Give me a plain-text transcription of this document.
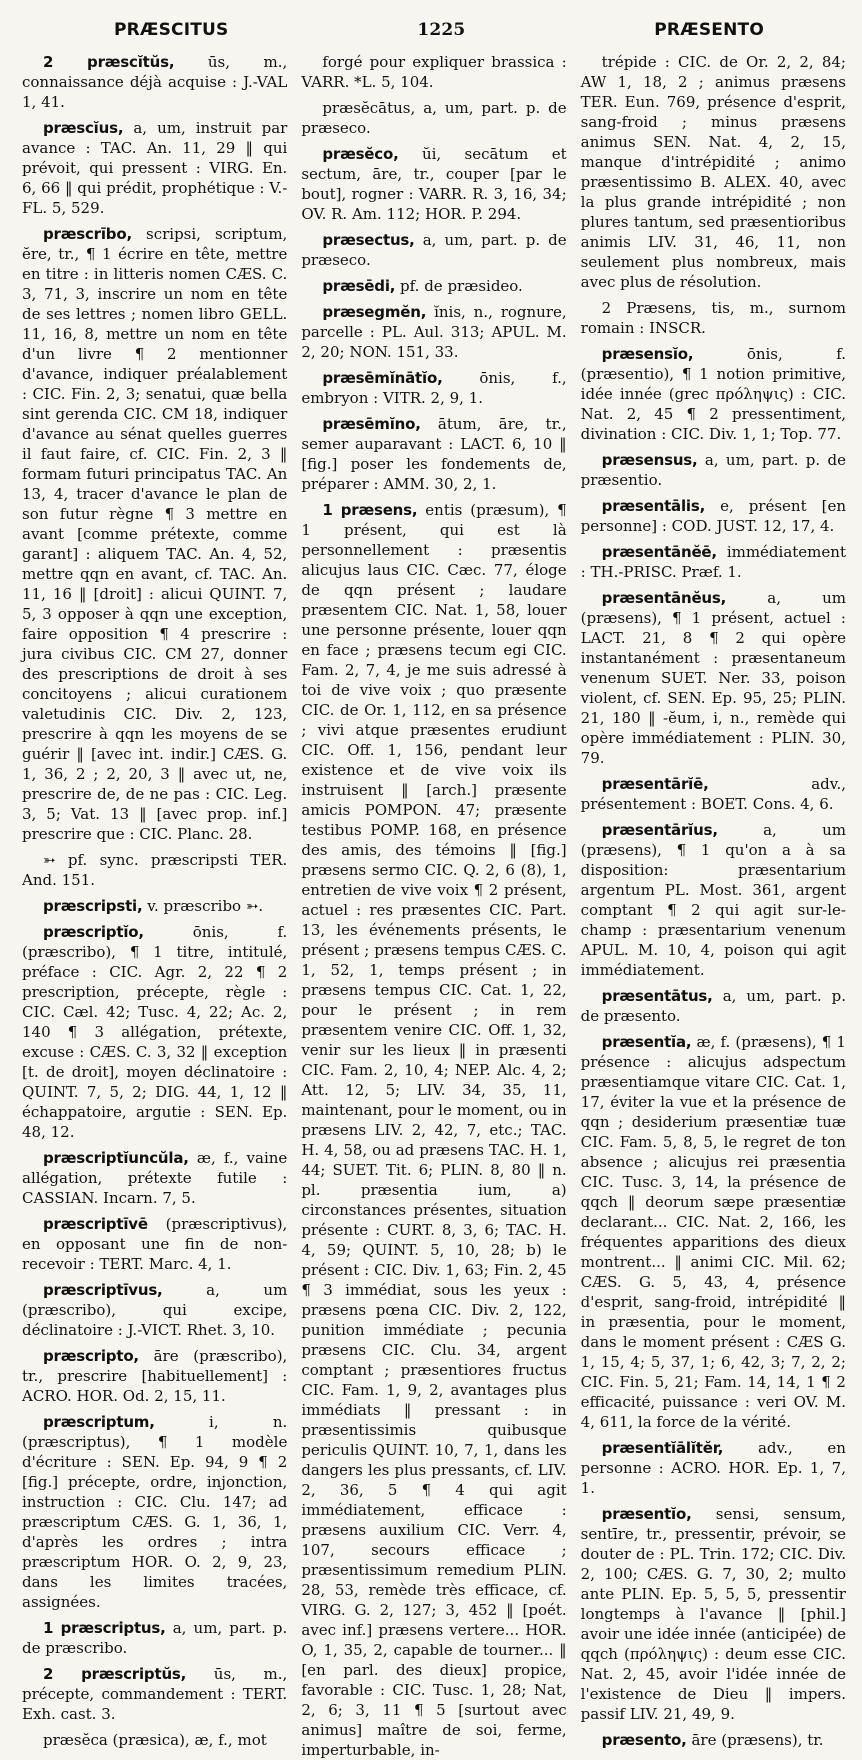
PRÆSCITUS	1225	PRÆSENTO

2 præscĭtŭs, ūs, m., connaissance déjà acquise : J.-VAL 1, 41.

præscĭus, a, um, instruit par avance : TAC. An. 11, 29 ‖ qui prévoit, qui pressent : VIRG. En. 6, 66 ‖ qui prédit, prophétique : V.-FL. 5, 529.

præscrībo, scripsi, scriptum, ĕre, tr., ¶ 1 écrire en tête, mettre en titre : in litteris nomen CÆS. C. 3, 71, 3, inscrire un nom en tête de ses lettres ; nomen libro GELL. 11, 16, 8, mettre un nom en tête d'un livre ¶ 2 mentionner d'avance, indiquer préalablement : CIC. Fin. 2, 3; senatui, quæ bella sint gerenda CIC. CM 18, indiquer d'avance au sénat quelles guerres il faut faire, cf. CIC. Fin. 2, 3 ‖ formam futuri principatus TAC. An 13, 4, tracer d'avance le plan de son futur règne ¶ 3 mettre en avant [comme prétexte, comme garant] : aliquem TAC. An. 4, 52, mettre qqn en avant, cf. TAC. An. 11, 16 ‖ [droit] : alicui QUINT. 7, 5, 3 opposer à qqn une exception, faire opposition ¶ 4 prescrire : jura civibus CIC. CM 27, donner des prescriptions de droit à ses concitoyens ; alicui curationem valetudinis CIC. Div. 2, 123, prescrire à qqn les moyens de se guérir ‖ [avec int. indir.] CÆS. G. 1, 36, 2 ; 2, 20, 3 ‖ avec ut, ne, prescrire de, de ne pas : CIC. Leg. 3, 5; Vat. 13 ‖ [avec prop. inf.] prescrire que : CIC. Planc. 28.

➳ pf. sync. præscripsti TER. And. 151.

præscripsti, v. præscribo ➳.

præscriptĭo,	ōnis, f. (præscribo), ¶ 1 titre, intitulé, préface : CIC. Agr. 2, 22 ¶ 2 prescription, précepte, règle : CIC. Cæl. 42; Tusc. 4, 22; Ac. 2, 140 ¶ 3 allégation, prétexte, excuse : CÆS. C. 3, 32 ‖ exception [t. de droit], moyen déclinatoire : QUINT. 7, 5, 2; DIG. 44, 1, 12 ‖ échappatoire, argutie : SEN. Ep. 48, 12.

præscriptĭuncŭla, æ, f., vaine allégation, prétexte futile : CASSIAN. Incarn. 7, 5.

præscriptīvē (præscriptivus), en opposant une fin de non-recevoir : TERT. Marc. 4, 1.

præscriptīvus,	a, um (præscribo), qui excipe, déclinatoire : J.-VICT. Rhet. 3, 10.

præscripto, āre (præscribo), tr., prescrire [habituellement] : ACRO. HOR. Od. 2, 15, 11.

præscriptum,	i, n. (præscriptus), ¶ 1 modèle d'écriture : SEN. Ep. 94, 9 ¶ 2 [fig.] précepte, ordre, injonction, instruction : CIC. Clu. 147; ad præscriptum CÆS. G. 1, 36, 1, d'après les ordres ; intra præscriptum HOR. O. 2, 9, 23, dans les limites tracées, assignées.

1 præscriptus, a, um, part. p. de præscribo.

2 præscriptŭs, ūs, m., précepte, commandement : TERT. Exh. cast. 3.

præsĕca (præsica), æ, f., mot

forgé pour expliquer brassica : VARR. *L. 5, 104.

præsĕcātus, a, um, part. p. de præseco.

præsĕco, ŭi, secātum et sectum, āre, tr., couper [par le bout], rogner : VARR. R. 3, 16, 34; OV. R. Am. 112; HOR. P. 294.

præsectus, a, um, part. p. de præseco.

præsēdi, pf. de præsideo.

præsegmĕn, ĭnis, n., rognure, parcelle : PL. Aul. 313; APUL. M. 2, 20; NON. 151, 33.

præsēmĭnātĭo, ōnis, f., embryon : VITR. 2, 9, 1.

præsēmĭno, ātum, āre, tr., semer auparavant : LACT. 6, 10 ‖ [fig.] poser les fondements de, préparer : AMM. 30, 2, 1.

1 præsens, entis (præsum), ¶ 1 présent, qui est là personnellement : præsentis alicujus laus CIC. Cæc. 77, éloge de qqn présent ; laudare præsentem CIC. Nat. 1, 58, louer une personne présente, louer qqn en face ; præsens tecum egi CIC. Fam. 2, 7, 4, je me suis adressé à toi de vive voix ; quo præsente CIC. de Or. 1, 112, en sa présence ; vivi atque præsentes erudiunt CIC. Off. 1, 156, pendant leur existence et de vive voix ils instruisent ‖ [arch.] præsente amicis POMPON. 47; præsente testibus POMP. 168, en présence des amis, des témoins ‖ [fig.] præsens sermo CIC. Q. 2, 6 (8), 1, entretien de vive voix ¶ 2 présent, actuel : res præsentes CIC. Part. 13, les événements présents, le présent ; præsens tempus CÆS. C. 1, 52, 1, temps présent ; in præsens tempus CIC. Cat. 1, 22, pour le présent ; in rem præsentem venire CIC. Off. 1, 32, venir sur les lieux ‖ in præsenti CIC. Fam. 2, 10, 4; NEP. Alc. 4, 2; Att. 12, 5; LIV. 34, 35, 11, maintenant, pour le moment, ou in præsens LIV. 2, 42, 7, etc.; TAC. H. 4, 58, ou ad præsens TAC. H. 1, 44; SUET. Tit. 6; PLIN. 8, 80 ‖ n. pl. præsentia ium, a) circonstances présentes, situation présente : CURT. 8, 3, 6; TAC. H. 4, 59; QUINT. 5, 10, 28; b) le présent : CIC. Div. 1, 63; Fin. 2, 45 ¶ 3 immédiat, sous les yeux : præsens pœna CIC. Div. 2, 122, punition immédiate ; pecunia præsens CIC. Clu. 34, argent comptant ; præsentiores fructus CIC. Fam. 1, 9, 2, avantages plus immédiats ‖ pressant : in præsentissimis quibusque periculis QUINT. 10, 7, 1, dans les dangers les plus pressants, cf. LIV. 2, 36, 5 ¶ 4 qui agit immédiatement, efficace : præsens auxilium CIC. Verr. 4, 107, secours efficace ; præsentissimum remedium PLIN. 28, 53, remède très efficace, cf. VIRG. G. 2, 127; 3, 452 ‖ [poét. avec inf.] præsens vertere... HOR. O, 1, 35, 2, capable de tourner... ‖ [en parl. des dieux] propice, favorable : CIC. Tusc. 1, 28; Nat, 2, 6; 3, 11 ¶ 5 [surtout avec animus] maître de soi, ferme, imperturbable, in-

trépide : CIC. de Or. 2, 2, 84; AW 1, 18, 2 ; animus præsens TER. Eun. 769, présence d'esprit, sang-froid ; minus præsens animus SEN. Nat. 4, 2, 15, manque d'intrépidité ; animo præsentissimo B. ALEX. 40, avec la plus grande intrépidité ; non plures tantum, sed præsentioribus animis LIV. 31, 46, 11, non seulement plus nombreux, mais avec plus de résolution.

2 Præsens, tis, m., surnom romain : INSCR.

præsensĭo,	ōnis, f. (præsentio), ¶ 1 notion primitive, idée innée (grec πρόληψις) : CIC. Nat. 2, 45 ¶ 2 pressentiment, divination : CIC. Div. 1, 1; Top. 77.

præsensus, a, um, part. p. de præsentio.

præsentālis, e, présent [en personne] : COD. JUST. 12, 17, 4.

præsentānĕē, immédiatement : TH.-PRISC. Præf. 1.

præsentānĕus,	a, um (præsens), ¶ 1 présent, actuel : LACT. 21, 8 ¶ 2 qui opère instantanément : præsentaneum venenum SUET. Ner. 33, poison violent, cf. SEN. Ep. 95, 25; PLIN. 21, 180 ‖ -ĕum, i, n., remède qui opère immédiatement : PLIN. 30, 79.

præsentārĭē,	adv., présentement : BOET. Cons. 4, 6.

præsentārĭus,	a, um (præsens), ¶ 1 qu'on a à sa disposition: præsentarium argentum PL. Most. 361, argent comptant ¶ 2 qui agit sur-le-champ : præsentarium venenum APUL. M. 10, 4, poison qui agit immédiatement.

præsentātus, a, um, part. p. de præsento.

præsentĭa, æ, f. (præsens), ¶ 1 présence : alicujus adspectum præsentiamque vitare CIC. Cat. 1, 17, éviter la vue et la présence de qqn ; desiderium præsentiæ tuæ CIC. Fam. 5, 8, 5, le regret de ton absence ; alicujus rei præsentia CIC. Tusc. 3, 14, la présence de qqch ‖ deorum sæpe præsentiæ declarant... CIC. Nat. 2, 166, les fréquentes apparitions des dieux montrent... ‖ animi CIC. Mil. 62; CÆS. G. 5, 43, 4, présence d'esprit, sang-froid, intrépidité ‖ in præsentia, pour le moment, dans le moment présent : CÆS G. 1, 15, 4; 5, 37, 1; 6, 42, 3; 7, 2, 2; CIC. Fin. 5, 21; Fam. 14, 14, 1 ¶ 2 efficacité, puissance : veri OV. M. 4, 611, la force de la vérité.

præsentĭālĭtĕr, adv., en personne : ACRO. HOR. Ep. 1, 7, 1.

præsentĭo, sensi, sensum, sentīre, tr., pressentir, prévoir, se douter de : PL. Trin. 172; CIC. Div. 2, 100; CÆS. G. 7, 30, 2; multo ante PLIN. Ep. 5, 5, 5, pressentir longtemps à l'avance ‖ [phil.] avoir une idée innée (anticipée) de qqch (πρόληψις) : deum esse CIC. Nat. 2, 45, avoir l'idée innée de l'existence de Dieu ‖ impers. passif LIV. 21, 49, 9.

præsento, āre (præsens), tr.
